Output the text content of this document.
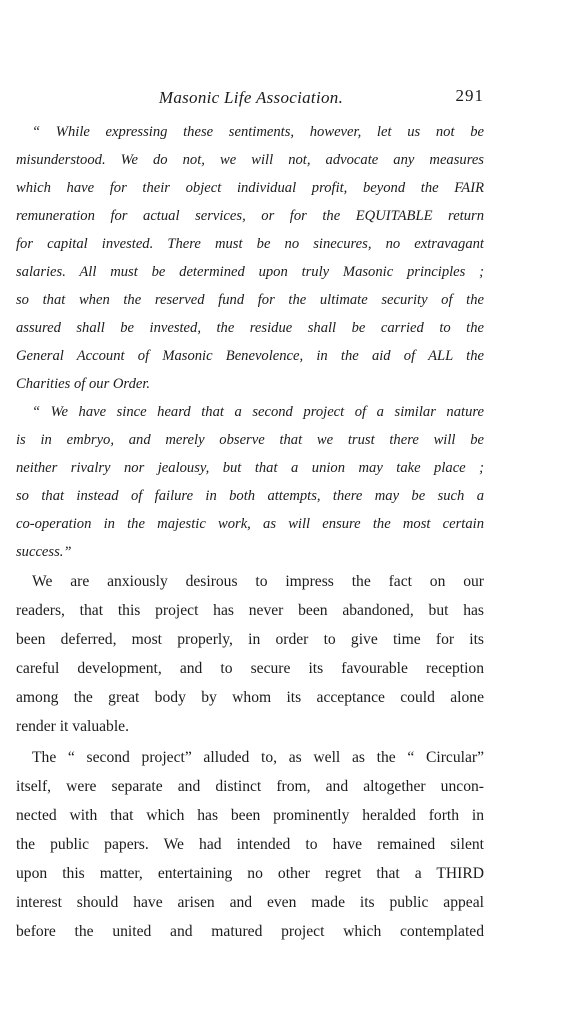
Masonic Life Association.	291
“ While expressing these sentiments, however, let us not be
misunderstood. We do not, we will not, advocate any measures
which have for their object individual profit, beyond the FAIR
remuneration for actual services, or for the EQUITABLE return
for capital invested. There must be no sinecures, no extravagant
salaries. All must be determined upon truly Masonic principles ;
so that when the reserved fund for the ultimate security of the
assured shall be invested, the residue shall be carried to the
General Account of Masonic Benevolence, in the aid of ALL the
Charities of our Order.
“ We have since heard that a second project of a similar nature
is in embryo, and merely observe that we trust there will be
neither rivalry nor jealousy, but that a union may take place ;
so that instead of failure in both attempts, there may be such a
co-operation in the majestic work, as will ensure the most certain
success.”
We are anxiously desirous to impress the fact on our
readers, that this project has never been abandoned, but has
been deferred, most properly, in order to give time for its
careful development, and to secure its favourable reception
among the great body by whom its acceptance could alone
render it valuable.
The “ second project” alluded to, as well as the “ Circular”
itself, were separate and distinct from, and altogether uncon-
nected with that which has been prominently heralded forth in
the public papers. We had intended to have remained silent
upon this matter, entertaining no other regret that a THIRD
interest should have arisen and even made its public appeal
before the united and matured project which contemplated
